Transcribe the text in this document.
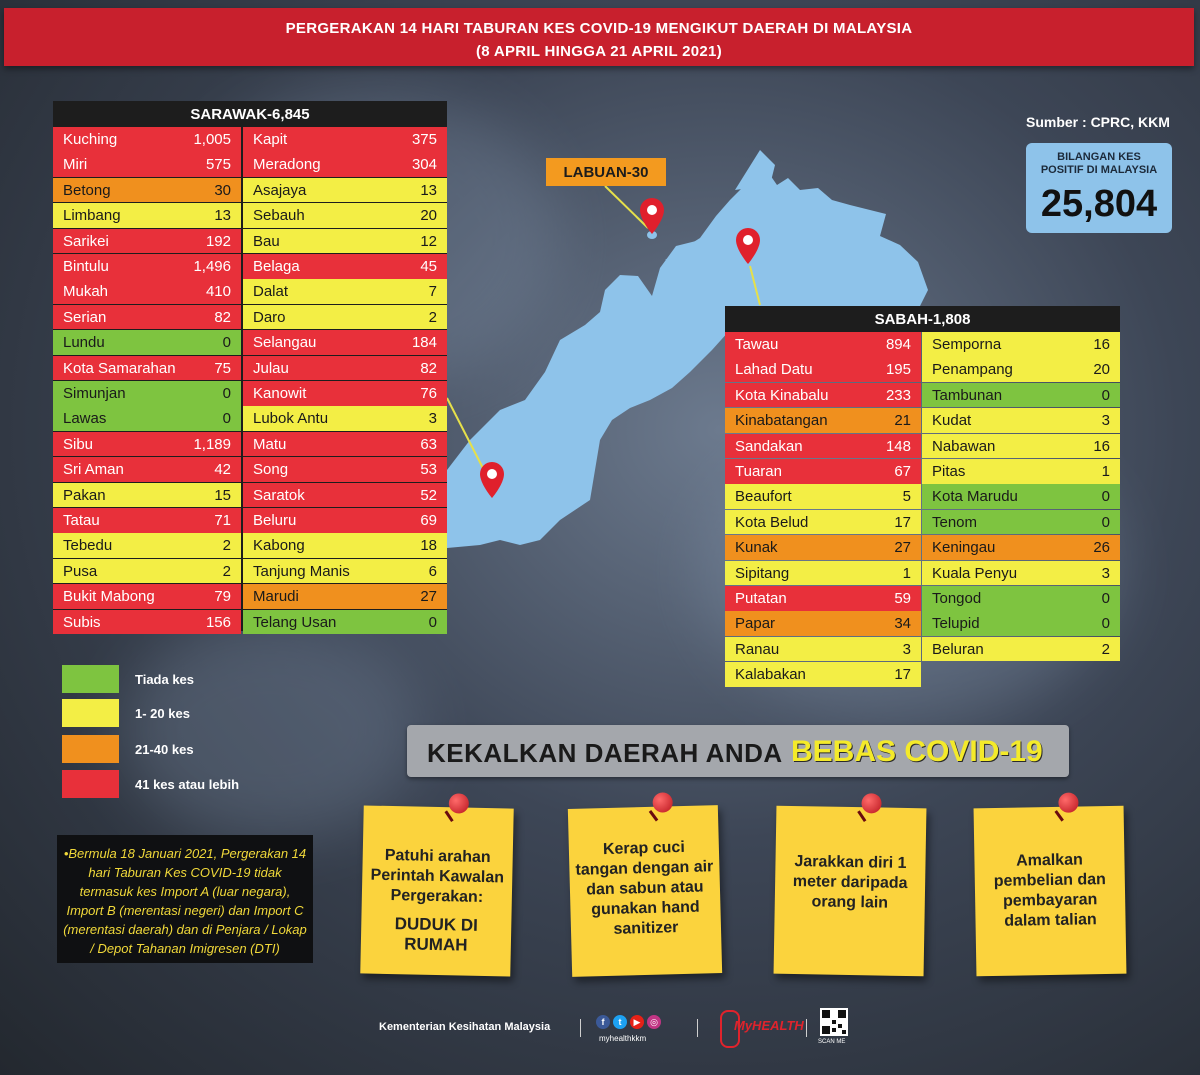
PERGERAKAN 14 HARI TABURAN KES COVID-19 MENGIKUT DAERAH DI MALAYSIA
(8 APRIL HINGGA 21 APRIL 2021)
SARAWAK-6,845
Kuching	1,005
Miri	575
Betong	30
Limbang	13
Sarikei	192
Bintulu	1,496
Mukah	410
Serian	82
Lundu	0
Kota Samarahan	75
Simunjan	0
Lawas	0
Sibu	1,189
Sri Aman	42
Pakan	15
Tatau	71
Tebedu	2
Pusa	2
Bukit Mabong	79
Subis	156
Kapit	375
Meradong	304
Asajaya	13
Sebauh	20
Bau	12
Belaga	45
Dalat	7
Daro	2
Selangau	184
Julau	82
Kanowit	76
Lubok Antu	3
Matu	63
Song	53
Saratok	52
Beluru	69
Kabong	18
Tanjung Manis	6
Marudi	27
Telang Usan	0
LABUAN-30
Sumber : CPRC, KKM
BILANGAN KES
POSITIF DI MALAYSIA
25,804
SABAH-1,808
Tawau	894
Lahad Datu	195
Kota Kinabalu	233
Kinabatangan	21
Sandakan	148
Tuaran	67
Beaufort	5
Kota Belud	17
Kunak	27
Sipitang	1
Putatan	59
Papar	34
Ranau	3
Kalabakan	17
Semporna	16
Penampang	20
Tambunan	0
Kudat	3
Nabawan	16
Pitas	1
Kota Marudu	0
Tenom	0
Keningau	26
Kuala Penyu	3
Tongod	0
Telupid	0
Beluran	2
Tiada kes
1- 20 kes
21-40 kes
41 kes atau lebih
•Bermula 18 Januari 2021, Pergerakan 14 hari Taburan Kes COVID-19 tidak termasuk kes Import A (luar negara), Import B (merentasi negeri) dan Import C (merentasi daerah) dan di Penjara / Lokap / Depot Tahanan Imigresen (DTI)
KEKALKAN DAERAH ANDA BEBAS COVID-19
Patuhi arahan Perintah Kawalan Pergerakan:
DUDUK DI RUMAH
Kerap cuci tangan dengan air dan sabun atau gunakan hand sanitizer
Jarakkan diri 1 meter daripada orang lain
Amalkan pembelian dan pembayaran dalam talian
Kementerian Kesihatan Malaysia	f	t	▶	◎
myhealthkkm
MyHEALTH
SCAN ME
